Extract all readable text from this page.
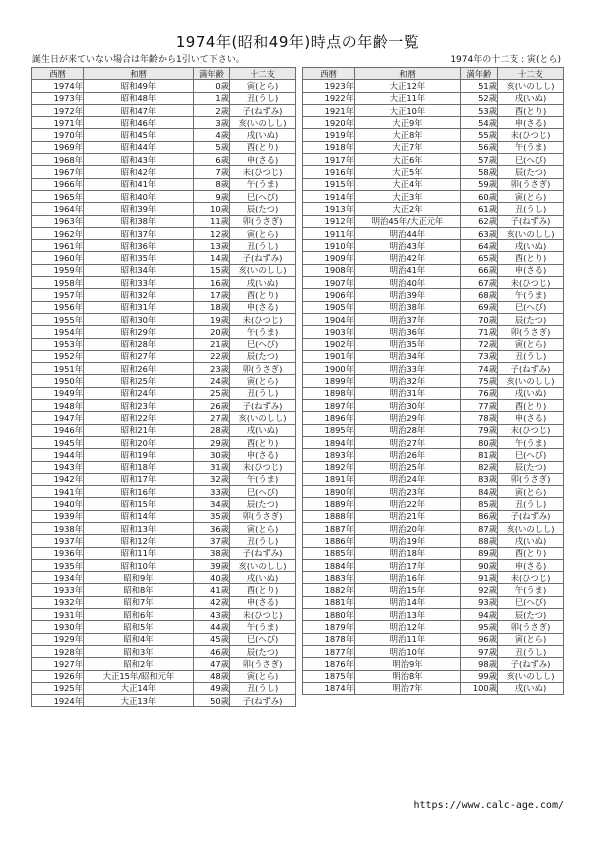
1974年(昭和49年)時点の年齢一覧
誕生日が来ていない場合は年齢から1引いて下さい。	1974年の十二支 : 寅(とら)
西暦	和暦	満年齢	十二支
1974年	昭和49年	0歳	寅(とら)
1973年	昭和48年	1歳	丑(うし)
1972年	昭和47年	2歳	子(ねずみ)
1971年	昭和46年	3歳	亥(いのしし)
1970年	昭和45年	4歳	戌(いぬ)
1969年	昭和44年	5歳	酉(とり)
1968年	昭和43年	6歳	申(さる)
1967年	昭和42年	7歳	未(ひつじ)
1966年	昭和41年	8歳	午(うま)
1965年	昭和40年	9歳	巳(へび)
1964年	昭和39年	10歳	辰(たつ)
1963年	昭和38年	11歳	卯(うさぎ)
1962年	昭和37年	12歳	寅(とら)
1961年	昭和36年	13歳	丑(うし)
1960年	昭和35年	14歳	子(ねずみ)
1959年	昭和34年	15歳	亥(いのしし)
1958年	昭和33年	16歳	戌(いぬ)
1957年	昭和32年	17歳	酉(とり)
1956年	昭和31年	18歳	申(さる)
1955年	昭和30年	19歳	未(ひつじ)
1954年	昭和29年	20歳	午(うま)
1953年	昭和28年	21歳	巳(へび)
1952年	昭和27年	22歳	辰(たつ)
1951年	昭和26年	23歳	卯(うさぎ)
1950年	昭和25年	24歳	寅(とら)
1949年	昭和24年	25歳	丑(うし)
1948年	昭和23年	26歳	子(ねずみ)
1947年	昭和22年	27歳	亥(いのしし)
1946年	昭和21年	28歳	戌(いぬ)
1945年	昭和20年	29歳	酉(とり)
1944年	昭和19年	30歳	申(さる)
1943年	昭和18年	31歳	未(ひつじ)
1942年	昭和17年	32歳	午(うま)
1941年	昭和16年	33歳	巳(へび)
1940年	昭和15年	34歳	辰(たつ)
1939年	昭和14年	35歳	卯(うさぎ)
1938年	昭和13年	36歳	寅(とら)
1937年	昭和12年	37歳	丑(うし)
1936年	昭和11年	38歳	子(ねずみ)
1935年	昭和10年	39歳	亥(いのしし)
1934年	昭和9年	40歳	戌(いぬ)
1933年	昭和8年	41歳	酉(とり)
1932年	昭和7年	42歳	申(さる)
1931年	昭和6年	43歳	未(ひつじ)
1930年	昭和5年	44歳	午(うま)
1929年	昭和4年	45歳	巳(へび)
1928年	昭和3年	46歳	辰(たつ)
1927年	昭和2年	47歳	卯(うさぎ)
1926年	大正15年/昭和元年	48歳	寅(とら)
1925年	大正14年	49歳	丑(うし)
1924年	大正13年	50歳	子(ねずみ)
西暦	和暦	満年齢	十二支
1923年	大正12年	51歳	亥(いのしし)
1922年	大正11年	52歳	戌(いぬ)
1921年	大正10年	53歳	酉(とり)
1920年	大正9年	54歳	申(さる)
1919年	大正8年	55歳	未(ひつじ)
1918年	大正7年	56歳	午(うま)
1917年	大正6年	57歳	巳(へび)
1916年	大正5年	58歳	辰(たつ)
1915年	大正4年	59歳	卯(うさぎ)
1914年	大正3年	60歳	寅(とら)
1913年	大正2年	61歳	丑(うし)
1912年	明治45年/大正元年	62歳	子(ねずみ)
1911年	明治44年	63歳	亥(いのしし)
1910年	明治43年	64歳	戌(いぬ)
1909年	明治42年	65歳	酉(とり)
1908年	明治41年	66歳	申(さる)
1907年	明治40年	67歳	未(ひつじ)
1906年	明治39年	68歳	午(うま)
1905年	明治38年	69歳	巳(へび)
1904年	明治37年	70歳	辰(たつ)
1903年	明治36年	71歳	卯(うさぎ)
1902年	明治35年	72歳	寅(とら)
1901年	明治34年	73歳	丑(うし)
1900年	明治33年	74歳	子(ねずみ)
1899年	明治32年	75歳	亥(いのしし)
1898年	明治31年	76歳	戌(いぬ)
1897年	明治30年	77歳	酉(とり)
1896年	明治29年	78歳	申(さる)
1895年	明治28年	79歳	未(ひつじ)
1894年	明治27年	80歳	午(うま)
1893年	明治26年	81歳	巳(へび)
1892年	明治25年	82歳	辰(たつ)
1891年	明治24年	83歳	卯(うさぎ)
1890年	明治23年	84歳	寅(とら)
1889年	明治22年	85歳	丑(うし)
1888年	明治21年	86歳	子(ねずみ)
1887年	明治20年	87歳	亥(いのしし)
1886年	明治19年	88歳	戌(いぬ)
1885年	明治18年	89歳	酉(とり)
1884年	明治17年	90歳	申(さる)
1883年	明治16年	91歳	未(ひつじ)
1882年	明治15年	92歳	午(うま)
1881年	明治14年	93歳	巳(へび)
1880年	明治13年	94歳	辰(たつ)
1879年	明治12年	95歳	卯(うさぎ)
1878年	明治11年	96歳	寅(とら)
1877年	明治10年	97歳	丑(うし)
1876年	明治9年	98歳	子(ねずみ)
1875年	明治8年	99歳	亥(いのしし)
1874年	明治7年	100歳	戌(いぬ)
https://www.calc-age.com/
